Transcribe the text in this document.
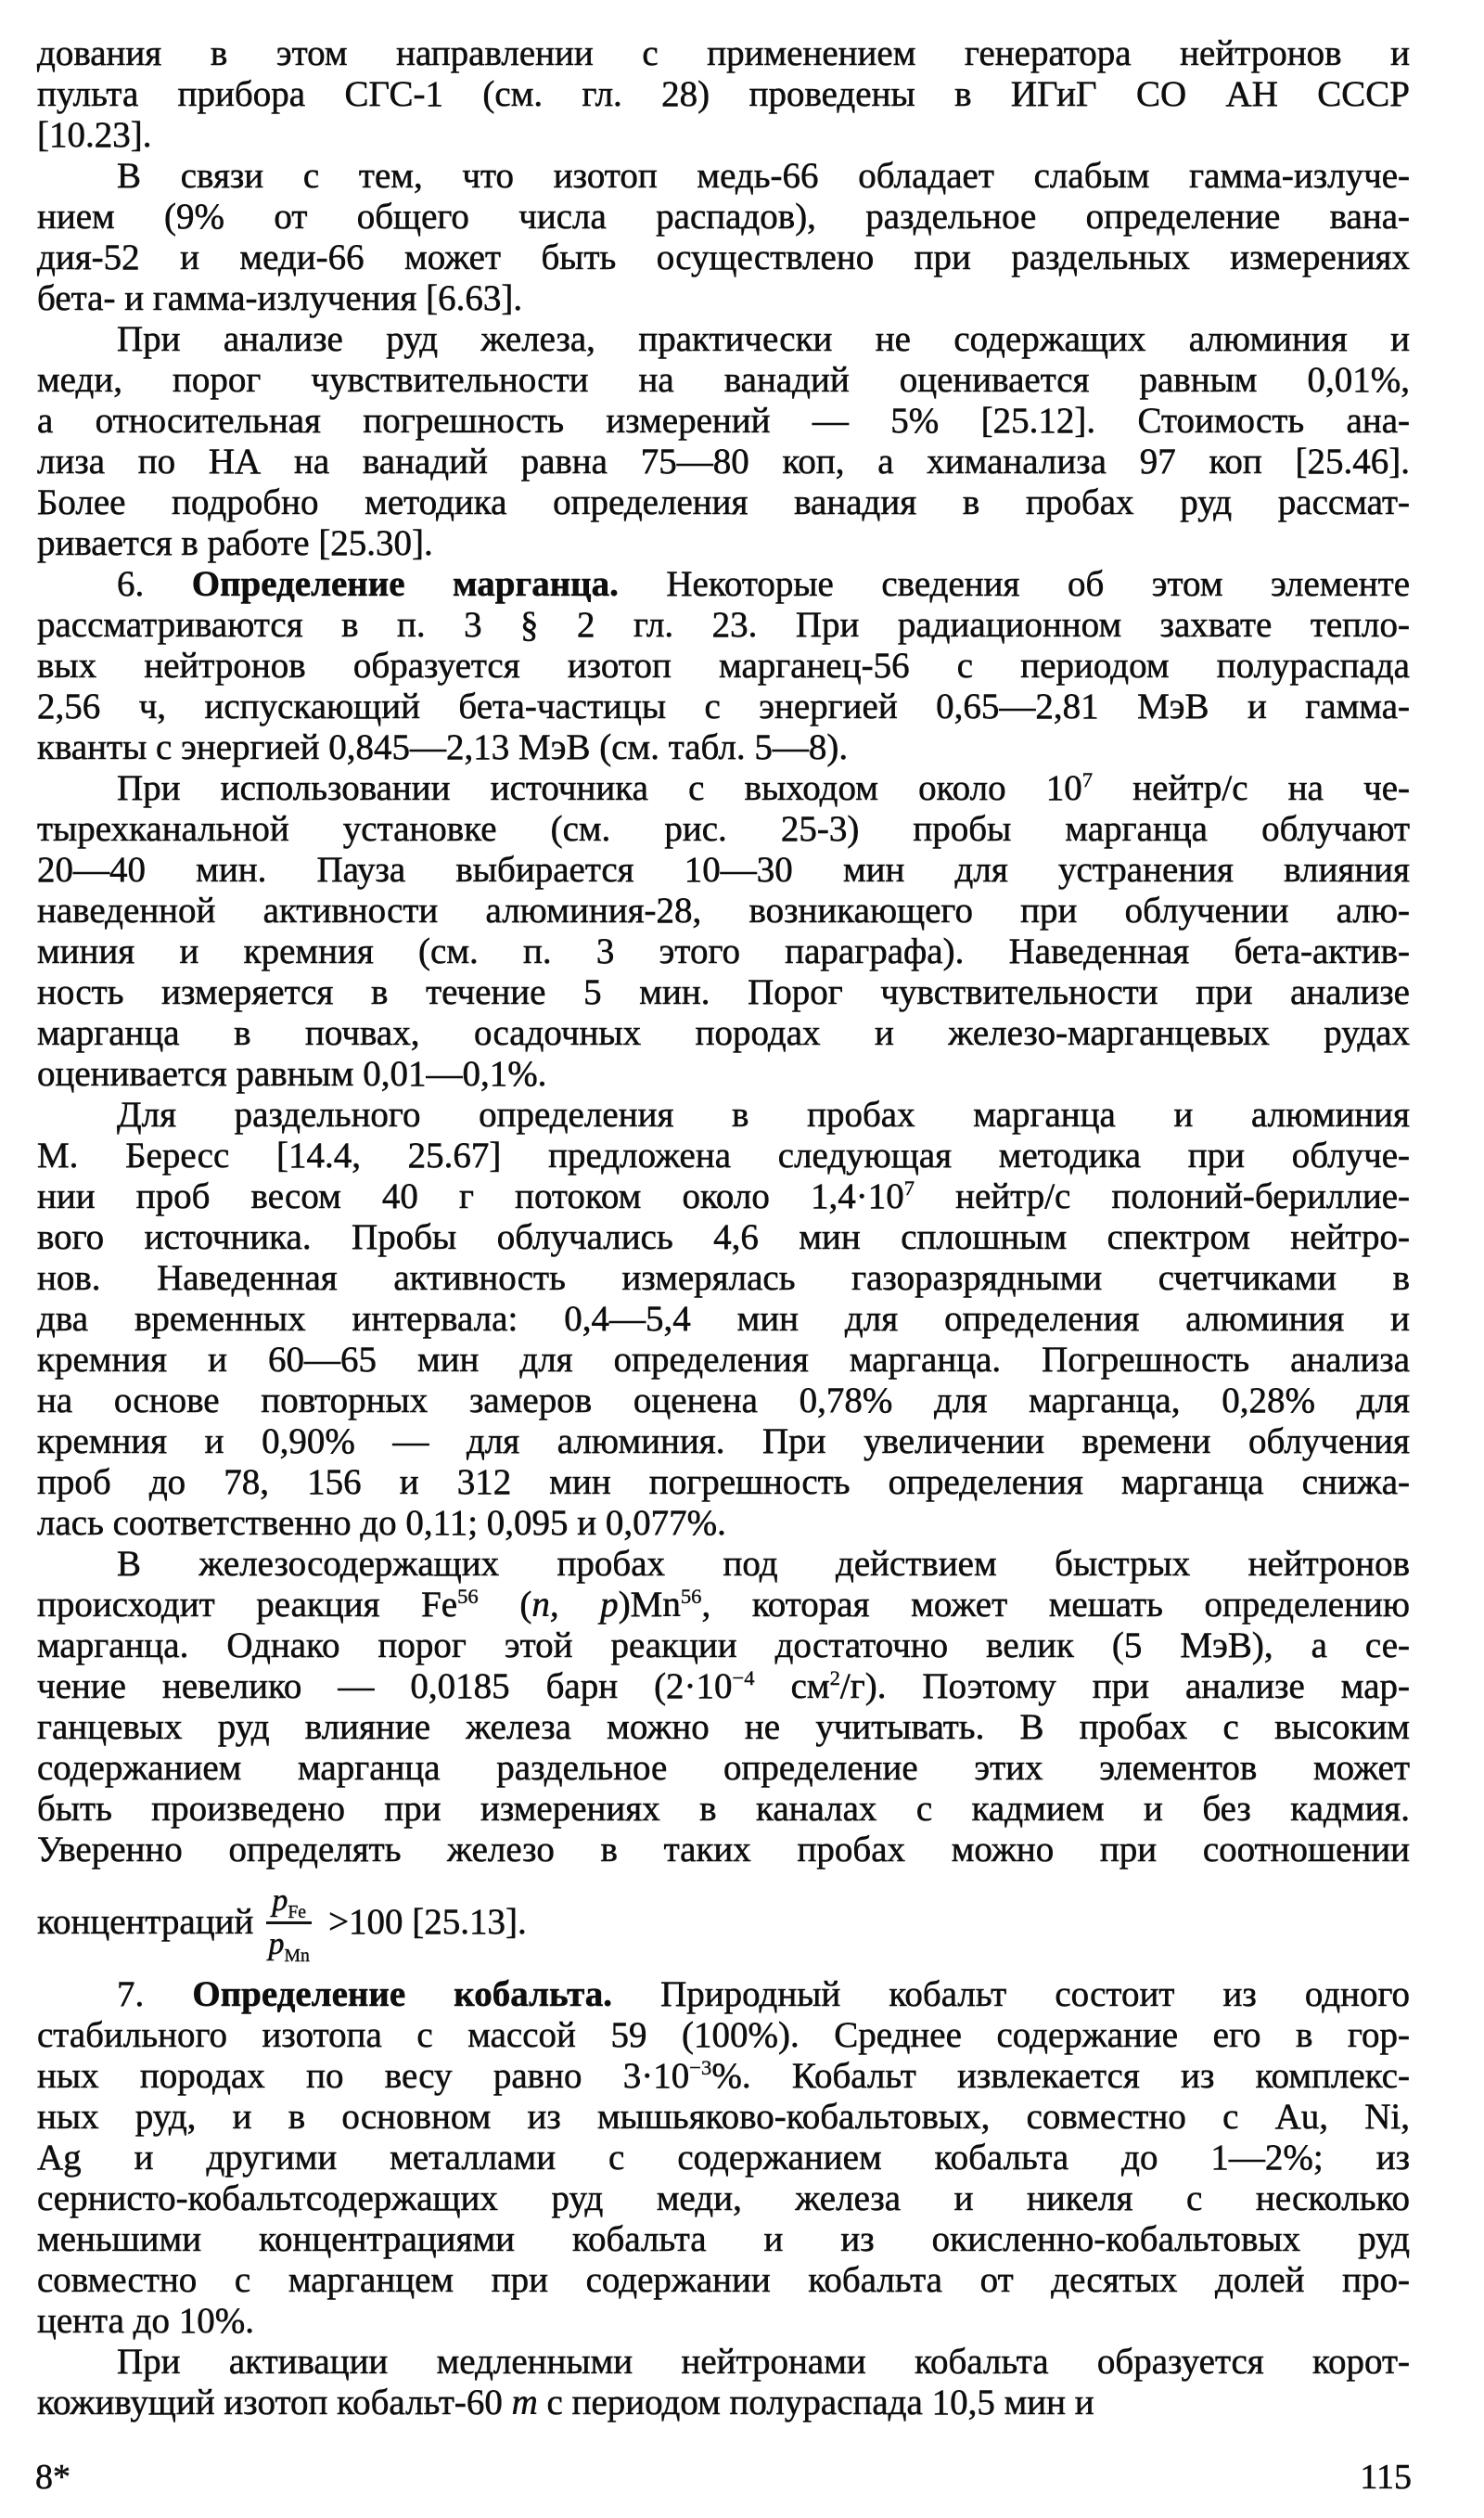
дования в этом направлении с применением генератора нейтронов и
пульта прибора СГС-1 (см. гл. 28) проведены в ИГиГ СО АН СССР
[10.23].

В связи с тем, что изотоп медь-66 обладает слабым гамма-излуче-
нием (9% от общего числа распадов), раздельное определение вана-
дия-52 и меди-66 может быть осуществлено при раздельных измерениях
бета- и гамма-излучения [6.63].

При анализе руд железа, практически не содержащих алюминия и
меди, порог чувствительности на ванадий оценивается равным 0,01%,
а относительная погрешность измерений — 5% [25.12]. Стоимость ана-
лиза по НА на ванадий равна 75—80 коп, а химанализа 97 коп [25.46].
Более подробно методика определения ванадия в пробах руд рассмат-
ривается в работе [25.30].

6. Определение марганца. Некоторые сведения об этом элементе
рассматриваются в п. 3 § 2 гл. 23. При радиационном захвате тепло-
вых нейтронов образуется изотоп марганец-56 с периодом полураспада
2,56 ч, испускающий бета-частицы с энергией 0,65—2,81 МэВ и гамма-
кванты с энергией 0,845—2,13 МэВ (см. табл. 5—8).

При использовании источника с выходом около $10^7$ нейтр/с на че-
тырехканальной установке (см. рис. 25-3) пробы марганца облучают
20—40 мин. Пауза выбирается 10—30 мин для устранения влияния
наведенной активности алюминия-28, возникающего при облучении алю-
миния и кремния (см. п. 3 этого параграфа). Наведенная бета-актив-
ность измеряется в течение 5 мин. Порог чувствительности при анализе
марганца в почвах, осадочных породах и железо-марганцевых рудах
оценивается равным 0,01—0,1%.

Для раздельного определения в пробах марганца и алюминия
М. Бересс [14.4, 25.67] предложена следующая методика при облуче-
нии проб весом 40 г потоком около $1,4\cdot 10^7$ нейтр/с полоний-бериллие-
вого источника. Пробы облучались 4,6 мин сплошным спектром нейтро-
нов. Наведенная активность измерялась газоразрядными счетчиками в
два временных интервала: 0,4—5,4 мин для определения алюминия и
кремния и 60—65 мин для определения марганца. Погрешность анализа
на основе повторных замеров оценена 0,78% для марганца, 0,28% для
кремния и 0,90% — для алюминия. При увеличении времени облучения
проб до 78, 156 и 312 мин погрешность определения марганца снижа-
лась соответственно до 0,11; 0,095 и 0,077%.

В железосодержащих пробах под действием быстрых нейтронов
происходит реакция Fe$^{56}$ (n, p)Mn$^{56}$, которая может мешать определению
марганца. Однако порог этой реакции достаточно велик (5 МэВ), а се-
чение невелико — 0,0185 барн ($2\cdot 10^{-4}$ $см^2/г$). Поэтому при анализе мар-
ганцевых руд влияние железа можно не учитывать. В пробах с высоким
содержанием марганца раздельное определение этих элементов может
быть произведено при измерениях в каналах с кадмием и без кадмия.
Уверенно определять железо в таких пробах можно при соотношении
концентраций $\frac{p_{Fe}}{p_{Mn}} >100$ [25.13].

7. Определение кобальта. Природный кобальт состоит из одного
стабильного изотопа с массой 59 (100%). Среднее содержание его в гор-
ных породах по весу равно $3\cdot 10^{-3}\%$. Кобальт извлекается из комплекс-
ных руд, и в основном из мышьяково-кобальтовых, совместно с Au, Ni,
Ag и другими металлами с содержанием кобальта до 1—2%; из
сернисто-кобальтсодержащих руд меди, железа и никеля с несколько
меньшими концентрациями кобальта и из окисленно-кобальтовых руд
совместно с марганцем при содержании кобальта от десятых долей про-
цента до 10%.

При активации медленными нейтронами кобальта образуется корот-
коживущий изотоп кобальт-60 m с периодом полураспада 10,5 мин и

8*	115
